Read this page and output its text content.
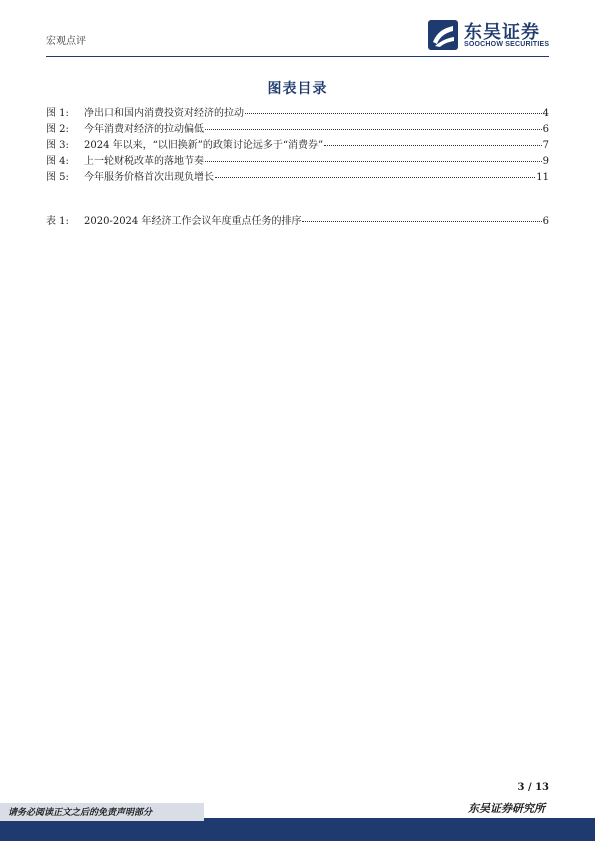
宏观点评	东吴证券
SOOCHOW SECURITIES
图表目录
图 1:	净出口和国内消费投资对经济的拉动	4
图 2:	今年消费对经济的拉动偏低	6
图 3:	2024 年以来，“以旧换新”的政策讨论远多于“消费券”	7
图 4:	上一轮财税改革的落地节奏	9
图 5:	今年服务价格首次出现负增长	11
表 1:	2020-2024 年经济工作会议年度重点任务的排序	6
3 / 13
东吴证券研究所
请务必阅读正文之后的免责声明部分
